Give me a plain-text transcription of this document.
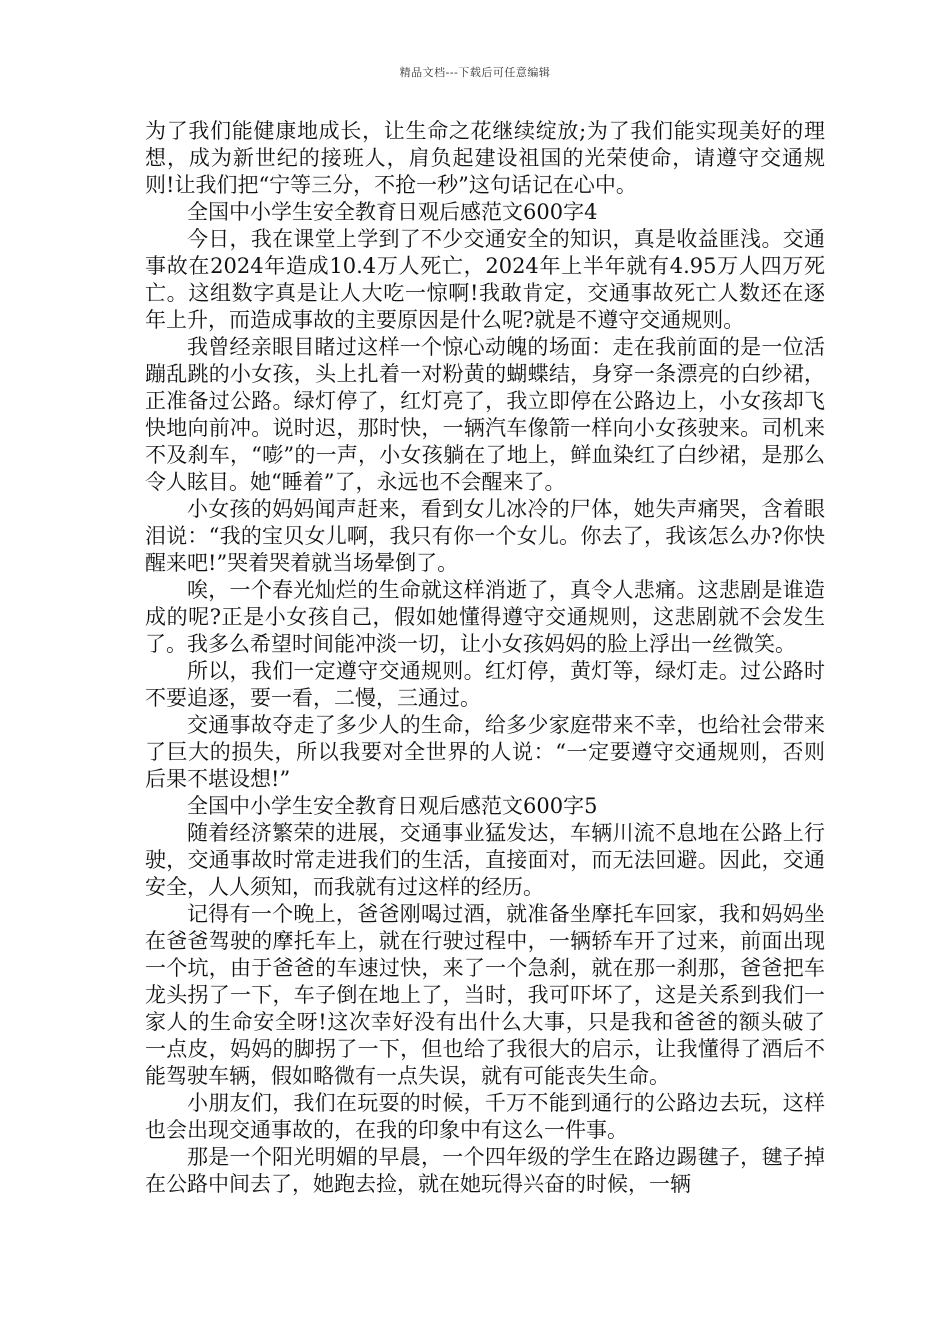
精品文档---下载后可任意编辑

为了我们能健康地成长，让生命之花继续绽放;为了我们能实现美好的理想，成为新世纪的接班人，肩负起建设祖国的光荣使命，请遵守交通规则!让我们把“宁等三分，不抢一秒”这句话记在心中。

全国中小学生安全教育日观后感范文600字4

今日，我在课堂上学到了不少交通安全的知识，真是收益匪浅。交通事故在2024年造成10.4万人死亡，2024年上半年就有4.95万人四万死亡。这组数字真是让人大吃一惊啊!我敢肯定，交通事故死亡人数还在逐年上升，而造成事故的主要原因是什么呢?就是不遵守交通规则。

我曾经亲眼目睹过这样一个惊心动魄的场面：走在我前面的是一位活蹦乱跳的小女孩，头上扎着一对粉黄的蝴蝶结，身穿一条漂亮的白纱裙，正准备过公路。绿灯停了，红灯亮了，我立即停在公路边上，小女孩却飞快地向前冲。说时迟，那时快，一辆汽车像箭一样向小女孩驶来。司机来不及刹车，“嘭”的一声，小女孩躺在了地上，鲜血染红了白纱裙，是那么令人眩目。她“睡着”了，永远也不会醒来了。

小女孩的妈妈闻声赶来，看到女儿冰冷的尸体，她失声痛哭，含着眼泪说：“我的宝贝女儿啊，我只有你一个女儿。你去了，我该怎么办?你快醒来吧!”哭着哭着就当场晕倒了。

唉，一个春光灿烂的生命就这样消逝了，真令人悲痛。这悲剧是谁造成的呢?正是小女孩自己，假如她懂得遵守交通规则，这悲剧就不会发生了。我多么希望时间能冲淡一切，让小女孩妈妈的脸上浮出一丝微笑。

所以，我们一定遵守交通规则。红灯停，黄灯等，绿灯走。过公路时不要追逐，要一看，二慢，三通过。

交通事故夺走了多少人的生命，给多少家庭带来不幸，也给社会带来了巨大的损失，所以我要对全世界的人说：“一定要遵守交通规则，否则后果不堪设想!”

全国中小学生安全教育日观后感范文600字5

随着经济繁荣的进展，交通事业猛发达，车辆川流不息地在公路上行驶，交通事故时常走进我们的生活，直接面对，而无法回避。因此，交通安全，人人须知，而我就有过这样的经历。

记得有一个晚上，爸爸刚喝过酒，就准备坐摩托车回家，我和妈妈坐在爸爸驾驶的摩托车上，就在行驶过程中，一辆轿车开了过来，前面出现一个坑，由于爸爸的车速过快，来了一个急刹，就在那一刹那，爸爸把车龙头拐了一下，车子倒在地上了，当时，我可吓坏了，这是关系到我们一家人的生命安全呀!这次幸好没有出什么大事，只是我和爸爸的额头破了一点皮，妈妈的脚拐了一下，但也给了我很大的启示，让我懂得了酒后不能驾驶车辆，假如略微有一点失误，就有可能丧失生命。

小朋友们，我们在玩耍的时候，千万不能到通行的公路边去玩，这样也会出现交通事故的，在我的印象中有这么一件事。

那是一个阳光明媚的早晨，一个四年级的学生在路边踢毽子，毽子掉在公路中间去了，她跑去捡，就在她玩得兴奋的时候，一辆
